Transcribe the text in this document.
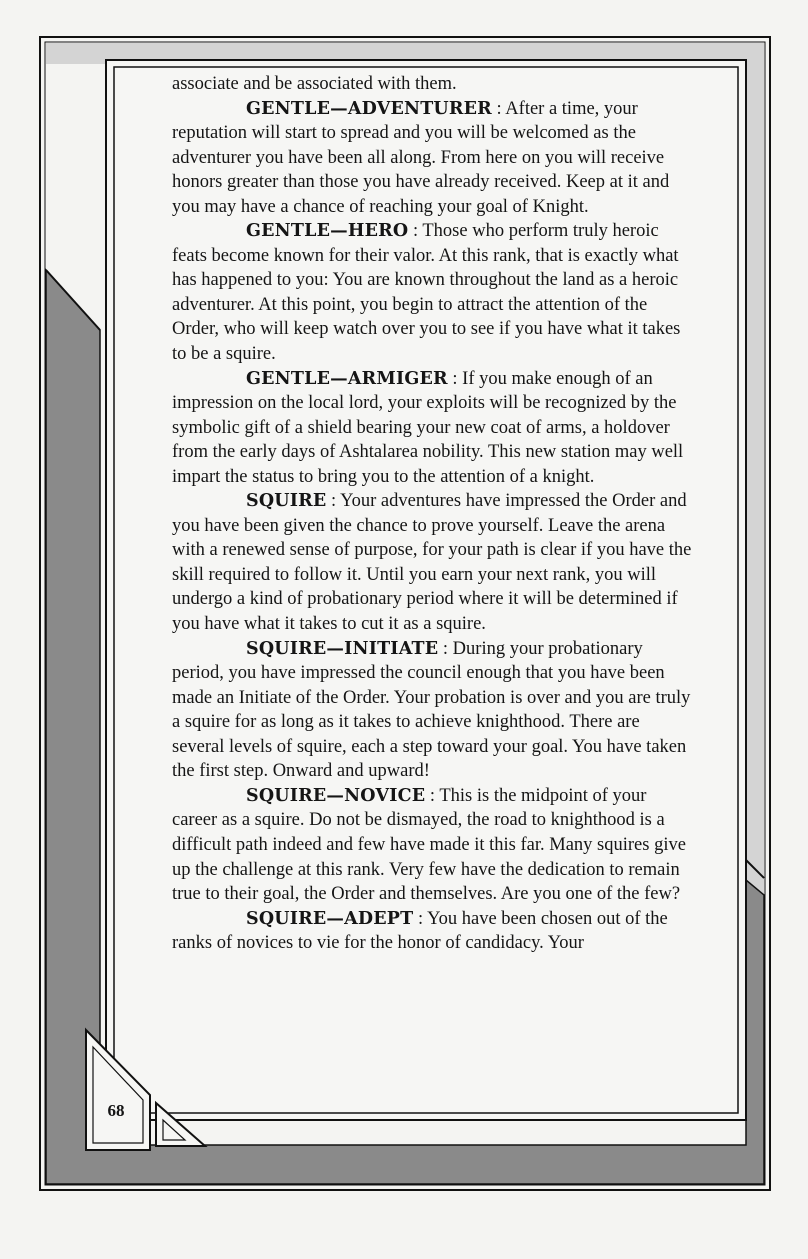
68

associate and be associated with them.

GENTLE—ADVENTURER : After a time, your reputation will start to spread and you will be welcomed as the adventurer you have been all along. From here on you will receive honors greater than those you have already received. Keep at it and you may have a chance of reaching your goal of Knight.

GENTLE—HERO : Those who perform truly heroic feats become known for their valor. At this rank, that is exactly what has happened to you: You are known throughout the land as a heroic adventurer. At this point, you begin to attract the attention of the Order, who will keep watch over you to see if you have what it takes to be a squire.

GENTLE—ARMIGER : If you make enough of an impression on the local lord, your exploits will be recognized by the symbolic gift of a shield bearing your new coat of arms, a holdover from the early days of Ashtalarea nobility. This new station may well impart the status to bring you to the attention of a knight.

SQUIRE : Your adventures have impressed the Order and you have been given the chance to prove yourself. Leave the arena with a renewed sense of purpose, for your path is clear if you have the skill required to follow it. Until you earn your next rank, you will undergo a kind of probationary period where it will be determined if you have what it takes to cut it as a squire.

SQUIRE—INITIATE : During your probationary period, you have impressed the council enough that you have been made an Initiate of the Order. Your probation is over and you are truly a squire for as long as it takes to achieve knighthood. There are several levels of squire, each a step toward your goal. You have taken the first step. Onward and upward!

SQUIRE—NOVICE : This is the midpoint of your career as a squire. Do not be dismayed, the road to knighthood is a difficult path indeed and few have made it this far. Many squires give up the challenge at this rank. Very few have the dedication to remain true to their goal, the Order and themselves. Are you one of the few?

SQUIRE—ADEPT : You have been chosen out of the ranks of novices to vie for the honor of candidacy. Your
